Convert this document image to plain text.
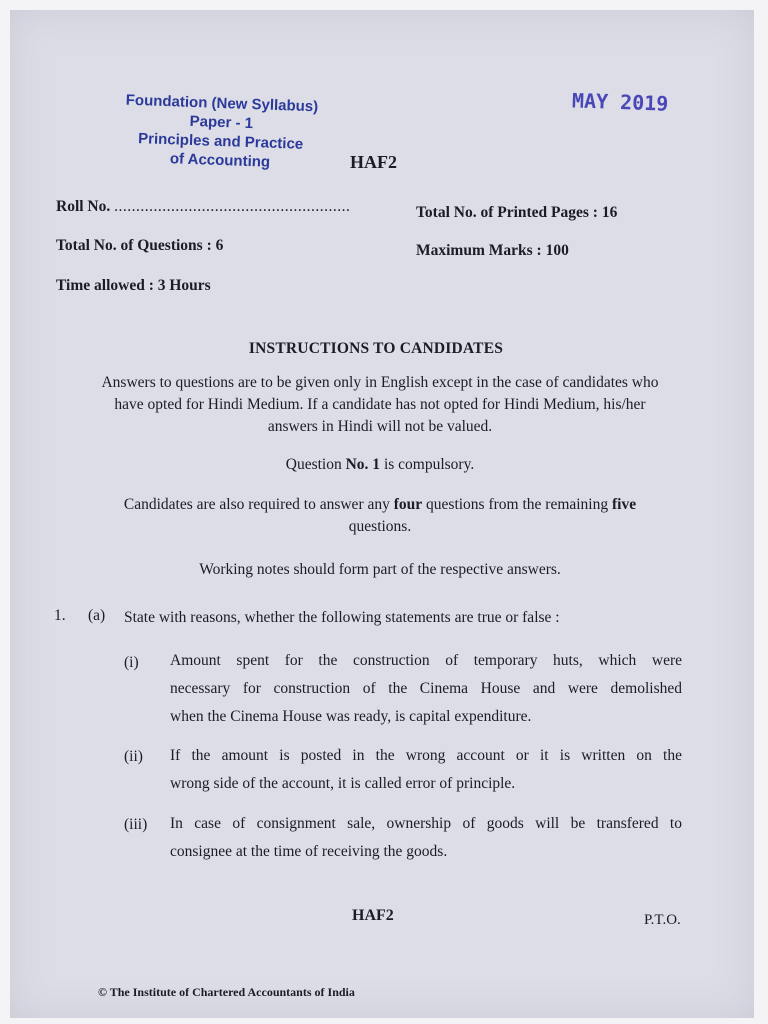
Foundation (New Syllabus)
Paper - 1
Principles and Practice
of Accounting
MAY 2019
HAF2
Roll No. ......................................................	Total No. of Printed Pages : 16
Total No. of Questions : 6	Maximum Marks : 100
Time allowed : 3 Hours
INSTRUCTIONS TO CANDIDATES
Answers to questions are to be given only in English except in the case of candidates who
have opted for Hindi Medium. If a candidate has not opted for Hindi Medium, his/her
answers in Hindi will not be valued.
Question No. 1 is compulsory.
Candidates are also required to answer any four questions from the remaining five
questions.
Working notes should form part of the respective answers.
1. (a) State with reasons, whether the following statements are true or false :
(i) Amount spent for the construction of temporary huts, which were
necessary for construction of the Cinema House and were demolished
when the Cinema House was ready, is capital expenditure.
(ii) If the amount is posted in the wrong account or it is written on the
wrong side of the account, it is called error of principle.
(iii) In case of consignment sale, ownership of goods will be transfered to
consignee at the time of receiving the goods.
HAF2	P.T.O.
© The Institute of Chartered Accountants of India
